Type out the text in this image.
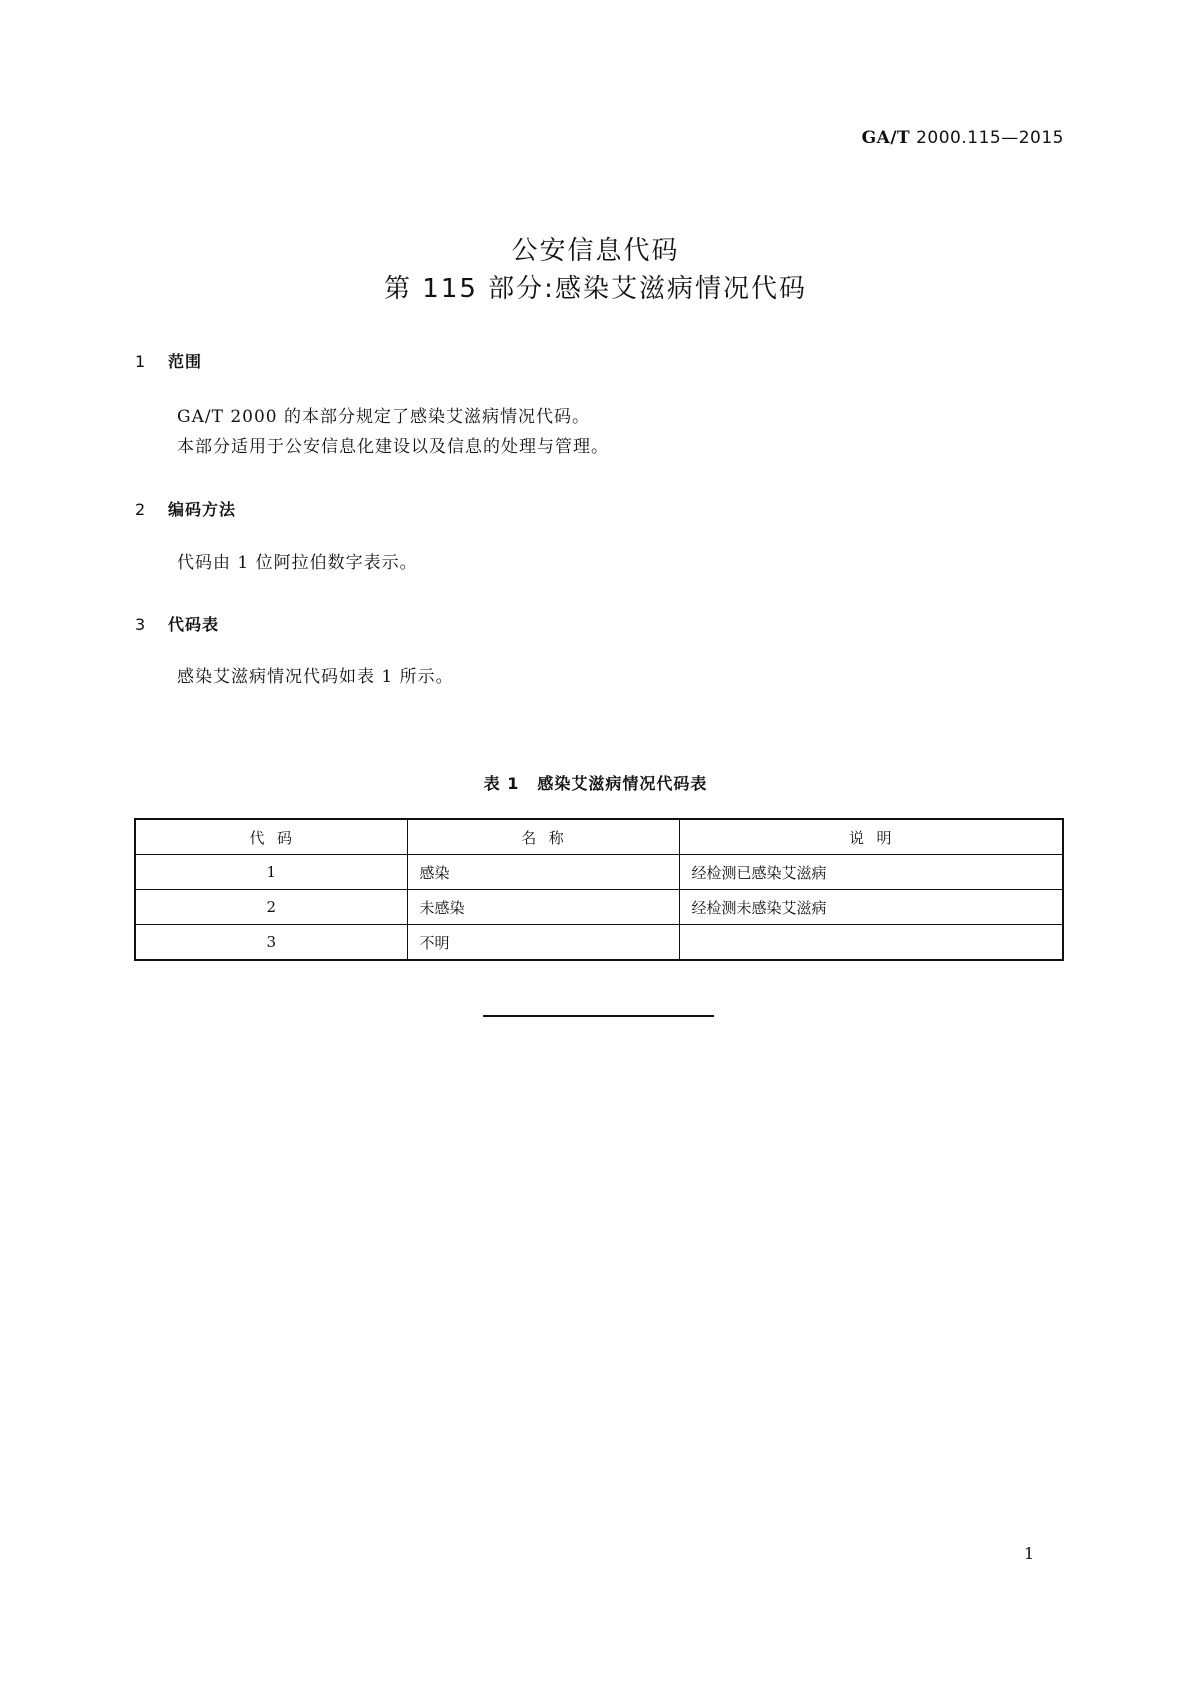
GA/T 2000.115—2015
公安信息代码
第 115 部分:感染艾滋病情况代码
1 范围
GA/T 2000 的本部分规定了感染艾滋病情况代码。
本部分适用于公安信息化建设以及信息的处理与管理。
2 编码方法
代码由 1 位阿拉伯数字表示。
3 代码表
感染艾滋病情况代码如表 1 所示。
表 1 感染艾滋病情况代码表
代  码	名  称	说  明
1	感染	经检测已感染艾滋病
2	未感染	经检测未感染艾滋病
3	不明	
1
